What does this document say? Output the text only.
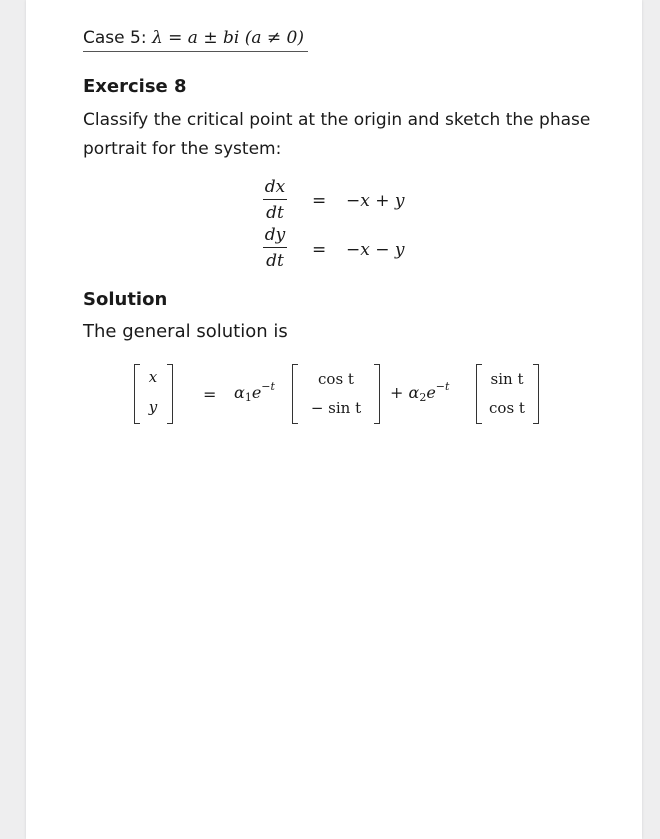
Case 5: λ = a ± bi (a ≠ 0)
Exercise 8
Classify the critical point at the origin and sketch the phase portrait for the system:
dx
dt
= −x + y
dy
dt
= −x − y
Solution
The general solution is
x
y
= $\alpha 1e^{-t}$	cos t
− sin t
+ $\alpha 2e^{-t}$	sin t
cos t
